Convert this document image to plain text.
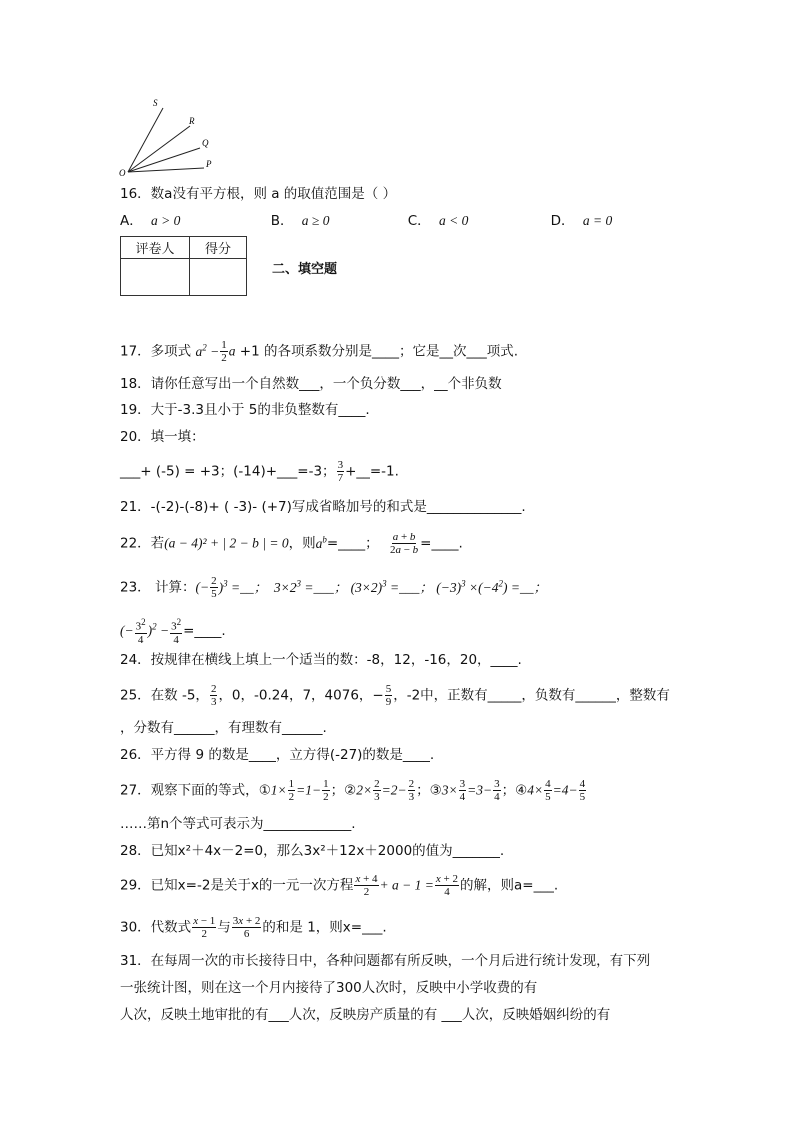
S
R
Q
P
O
16．数a没有平方根，则 a 的取值范围是（ ）
A． a > 0	B． a ≥ 0	C． a < 0	D． a = 0
评卷人	得分

二、填空题
17．多项式 $a^2 - \frac{1}{2}$ a +1 的各项系数分别是____；它是__次___项式.
18．请你任意写出一个自然数___，一个负分数___，__个非负数
19．大于-3.3且小于 5的非负整数有____.
20．填一填：
___+ (-5) = +3；(-14)+___=-3； $\frac{3}{7}$ +__=-1.
21．-(-2)-(-8)+ ( -3)- (+7)写成省略加号的和式是______________.
22．若(a − 4)² + | 2 − b | = 0，则$a^b=\_\_\_\_$； $\frac{a + b}{2a - b}$ =____.
23． 计算：(− $\frac{2}{5} )^3$ =__；  $3\times 2^3$ =___； $(3\times 2)^3$ =___； $(-3)^3 \times(-4^2)$ =__；
(− $\frac{3^2}{4} )^2 - \frac{3^2}{4}$ =____.
24．按规律在横线上填上一个适当的数：-8，12，-16，20，____.
25．在数 -5， $\frac{2}{3}$ ，0，-0.24，7，4076，− $\frac{5}{9}$ ，-2中，正数有_____，负数有______，整数有
，分数有______，有理数有______.
26．平方得 9 的数是____，立方得(-27)的数是____.
27．观察下面的等式，①1× $\frac{1}{2} =1- \frac{1}{2}$ ；②2× $\frac{2}{3} =2- \frac{2}{3}$ ；③3× $\frac{3}{4} =3- \frac{3}{4}$ ；④4× $\frac{4}{5} =4- \frac{4}{5}$
……第n个等式可表示为_____________.
28．已知x²＋4x－2=0，那么3x²＋12x＋2000的值为_______.
29．已知x=-2是关于x的一元一次方程 $\frac{x + 4}{2} + a - 1 = \frac{x + 2}{4}$ 的解，则a=___.
30．代数式 $\frac{x - 1}{2}$ 与 $\frac{3x + 2}{6}$ 的和是 1，则x=___.
31．在每周一次的市长接待日中，各种问题都有所反映，一个月后进行统计发现，有下列
一张统计图，则在这一个月内接待了300人次时，反映中小学收费的有
人次，反映土地审批的有___人次，反映房产质量的有 ___人次，反映婚姻纠纷的有
